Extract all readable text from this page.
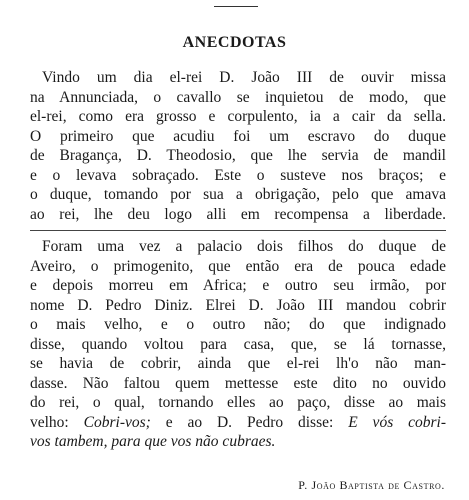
ANECDOTAS
Vindo um dia el-rei D. João III de ouvir missa
na Annunciada, o cavallo se inquietou de modo, que
el-rei, como era grosso e corpulento, ia a cair da sella.
O primeiro que acudiu foi um escravo do duque
de Bragança, D. Theodosio, que lhe servia de mandil
e o levava sobraçado. Este o susteve nos braços; e
o duque, tomando por sua a obrigação, pelo que amava
ao rei, lhe deu logo alli em recompensa a liberdade.
Foram uma vez a palacio dois filhos do duque de
Aveiro, o primogenito, que então era de pouca edade
e depois morreu em Africa; e outro seu irmão, por
nome D. Pedro Diniz. Elrei D. João III mandou cobrir
o mais velho, e o outro não; do que indignado
disse, quando voltou para casa, que, se lá tornasse,
se havia de cobrir, ainda que el-rei lh'o não man-
dasse. Não faltou quem mettesse este dito no ouvido
do rei, o qual, tornando elles ao paço, disse ao mais
velho: Cobri-vos; e ao D. Pedro disse: E vós cobri-
vos tambem, para que vos não cubraes.
P. João Baptista de Castro.
